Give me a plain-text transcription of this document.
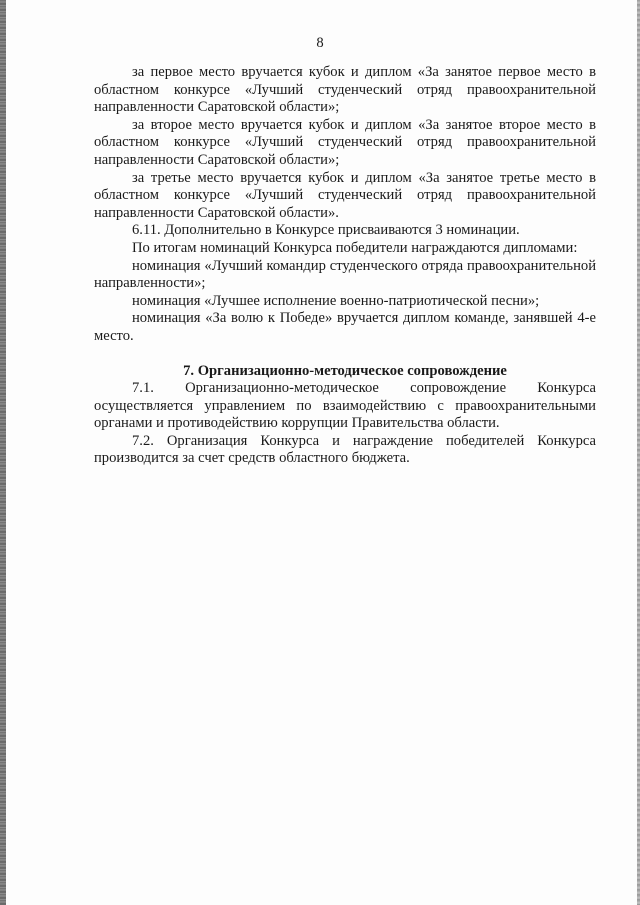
8

за первое место вручается кубок и диплом «За занятое первое место в областном конкурсе «Лучший студенческий отряд правоохранительной направленности Саратовской области»;

за второе место вручается кубок и диплом «За занятое второе место в областном конкурсе «Лучший студенческий отряд правоохранительной направленности Саратовской области»;

за третье место вручается кубок и диплом «За занятое третье место в областном конкурсе «Лучший студенческий отряд правоохранительной направленности Саратовской области».

6.11. Дополнительно в Конкурсе присваиваются 3 номинации.

По итогам номинаций Конкурса победители награждаются дипломами:

номинация «Лучший командир студенческого отряда правоохранительной направленности»;

номинация «Лучшее исполнение военно-патриотической песни»;

номинация «За волю к Победе» вручается диплом команде, занявшей 4-е место.

7. Организационно-методическое сопровождение

7.1. Организационно-методическое сопровождение Конкурса осуществляется управлением по взаимодействию с правоохранительными органами и противодействию коррупции Правительства области.

7.2. Организация Конкурса и награждение победителей Конкурса производится за счет средств областного бюджета.
